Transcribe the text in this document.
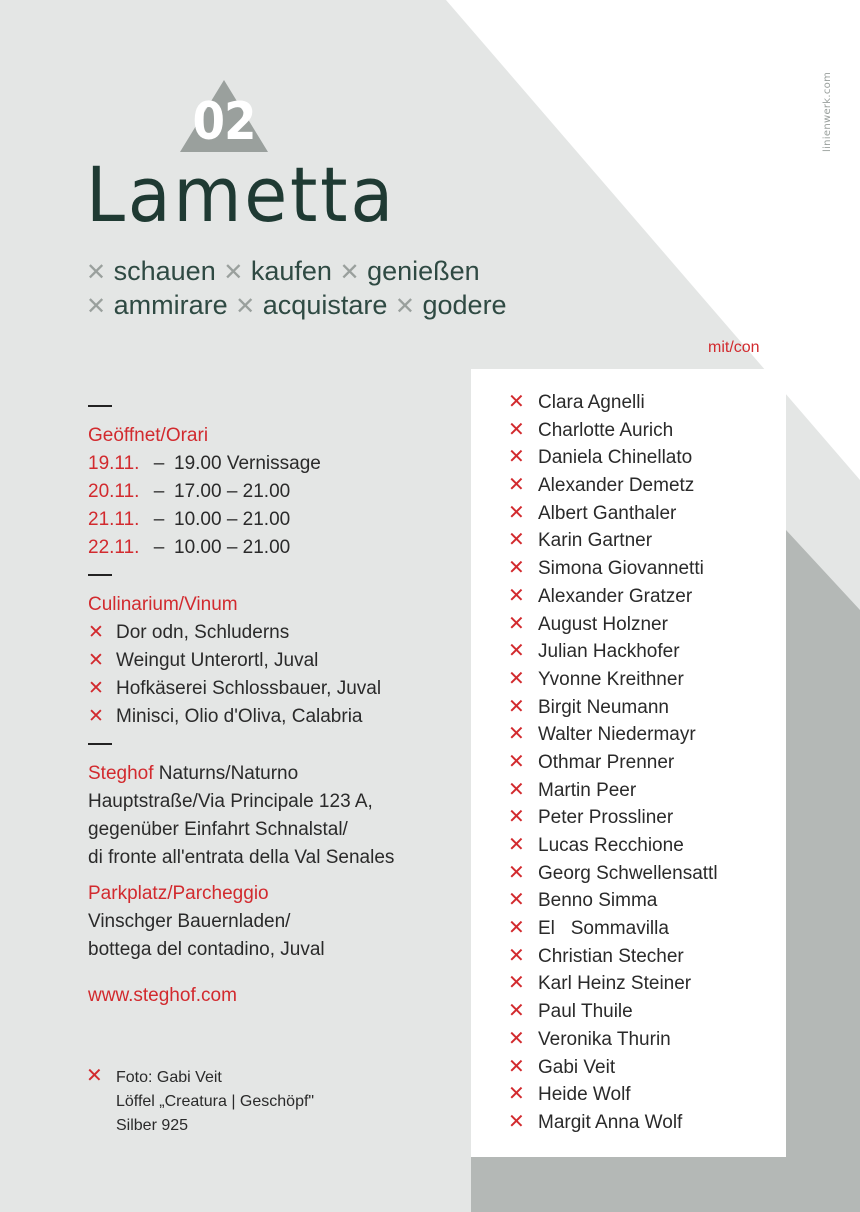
linienwerk.com
02
Lametta
✕ schauen ✕ kaufen ✕ genießen
✕ ammirare ✕ acquistare ✕ godere
mit/con
Geöffnet/Orari
19.11. – 19.00 Vernissage
20.11. – 17.00 – 21.00
21.11. – 10.00 – 21.00
22.11. – 10.00 – 21.00
Culinarium/Vinum
✕ Dor odn, Schluderns
✕ Weingut Unterortl, Juval
✕ Hofkäserei Schlossbauer, Juval
✕ Minisci, Olio d'Oliva, Calabria
Steghof Naturns/Naturno
Hauptstraße/Via Principale 123 A,
gegenüber Einfahrt Schnalstal/
di fronte all'entrata della Val Senales
Parkplatz/Parcheggio
Vinschger Bauernladen/
bottega del contadino, Juval
www.steghof.com
✕ Foto: Gabi Veit
Löffel „Creatura | Geschöpf"
Silber 925
✕ Clara Agnelli
✕ Charlotte Aurich
✕ Daniela Chinellato
✕ Alexander Demetz
✕ Albert Ganthaler
✕ Karin Gartner
✕ Simona Giovannetti
✕ Alexander Gratzer
✕ August Holzner
✕ Julian Hackhofer
✕ Yvonne Kreithner
✕ Birgit Neumann
✕ Walter Niedermayr
✕ Othmar Prenner
✕ Martin Peer
✕ Peter Prossliner
✕ Lucas Recchione
✕ Georg Schwellensattl
✕ Benno Simma
✕ El   Sommavilla
✕ Christian Stecher
✕ Karl Heinz Steiner
✕ Paul Thuile
✕ Veronika Thurin
✕ Gabi Veit
✕ Heide Wolf
✕ Margit Anna Wolf
